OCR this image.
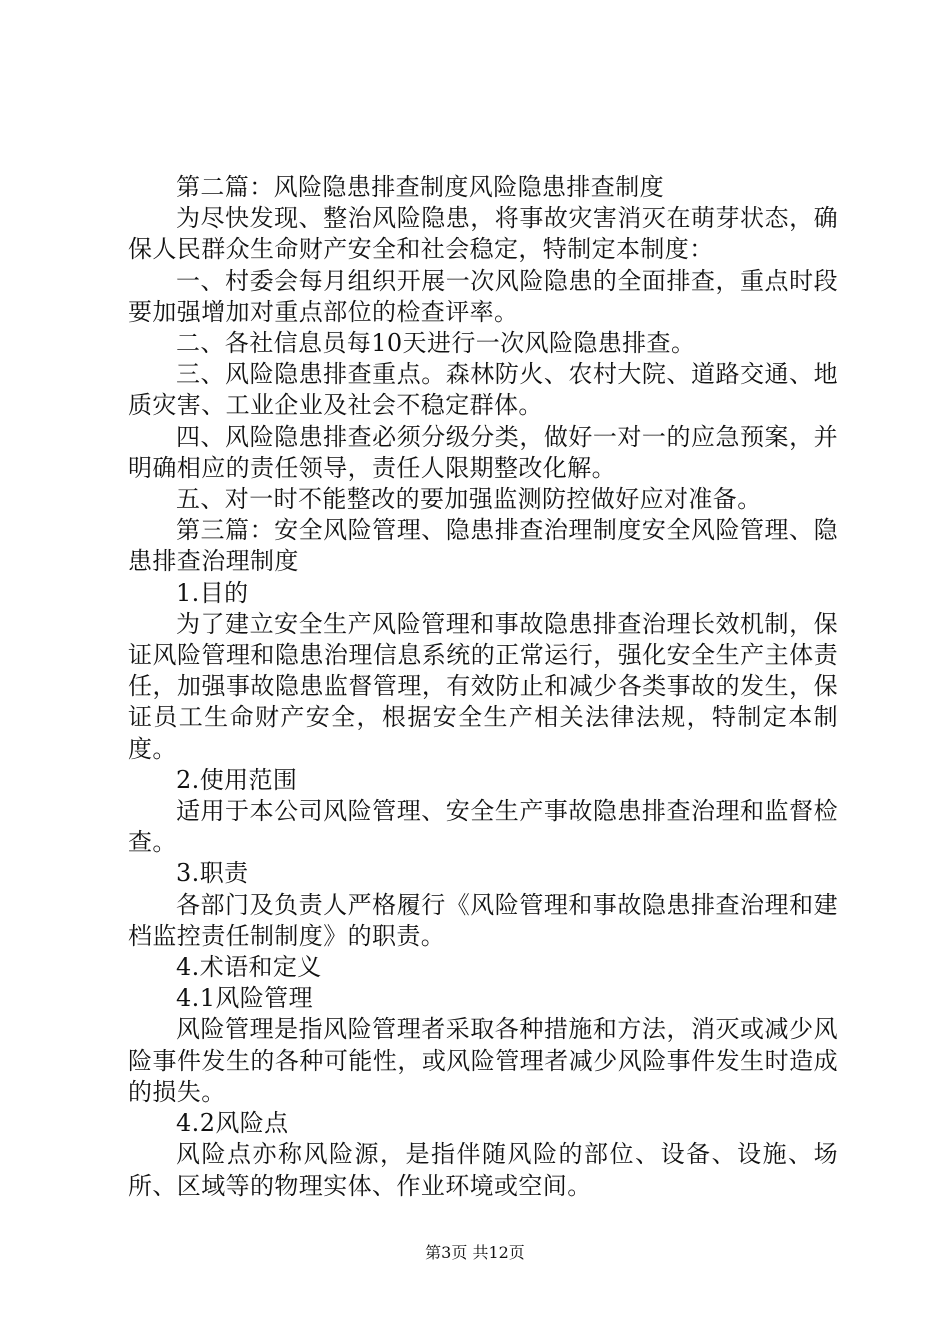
第二篇：风险隐患排查制度风险隐患排查制度

为尽快发现、整治风险隐患，将事故灾害消灭在萌芽状态，确保人民群众生命财产安全和社会稳定，特制定本制度：

一、村委会每月组织开展一次风险隐患的全面排查，重点时段要加强增加对重点部位的检查评率。

二、各社信息员每10天进行一次风险隐患排查。

三、风险隐患排查重点。森林防火、农村大院、道路交通、地质灾害、工业企业及社会不稳定群体。

四、风险隐患排查必须分级分类，做好一对一的应急预案，并明确相应的责任领导，责任人限期整改化解。

五、对一时不能整改的要加强监测防控做好应对准备。

第三篇：安全风险管理、隐患排查治理制度安全风险管理、隐患排查治理制度

1.目的

为了建立安全生产风险管理和事故隐患排查治理长效机制，保证风险管理和隐患治理信息系统的正常运行，强化安全生产主体责任，加强事故隐患监督管理，有效防止和减少各类事故的发生，保证员工生命财产安全，根据安全生产相关法律法规，特制定本制度。

2.使用范围

适用于本公司风险管理、安全生产事故隐患排查治理和监督检查。

3.职责

各部门及负责人严格履行《风险管理和事故隐患排查治理和建档监控责任制制度》的职责。

4.术语和定义

4.1风险管理

风险管理是指风险管理者采取各种措施和方法，消灭或减少风险事件发生的各种可能性，或风险管理者减少风险事件发生时造成的损失。

4.2风险点

风险点亦称风险源，是指伴随风险的部位、设备、设施、场所、区域等的物理实体、作业环境或空间。

第3页 共12页
